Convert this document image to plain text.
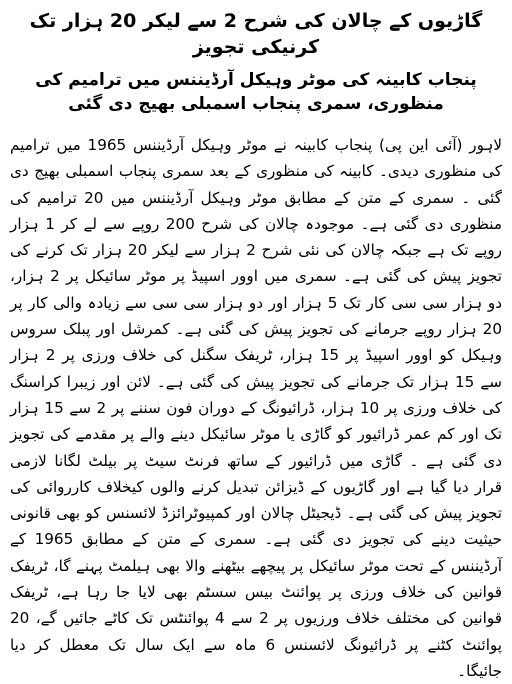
گاڑیوں کے چالان کی شرح 2 سے لیکر 20 ہزار تک کرنیکی تجویز
پنجاب کابینہ کی موٹر وہیکل آرڈیننس میں ترامیم کی منظوری، سمری پنجاب اسمبلی بھیج دی گئی

لاہور (آئی این پی) پنجاب کابینہ نے موٹر وہیکل آرڈیننس 1965 میں ترامیم کی منظوری دیدی۔ کابینہ کی منظوری کے بعد سمری پنجاب اسمبلی بھیج دی گئی ۔ سمری کے متن کے مطابق موٹر وہیکل آرڈیننس میں 20 ترامیم کی منظوری دی گئی ہے۔ موجودہ چالان کی شرح 200 روپے سے لے کر 1 ہزار روپے تک ہے جبکہ چالان کی نئی شرح 2 ہزار سے لیکر 20 ہزار تک کرنے کی تجویز پیش کی گئی ہے۔ سمری میں اوور اسپیڈ پر موٹر سائیکل پر 2 ہزار، دو ہزار سی سی کار تک 5 ہزار اور دو ہزار سی سی سے زیادہ والی کار پر 20 ہزار روپے جرمانے کی تجویز پیش کی گئی ہے۔ کمرشل اور پبلک سروس وہیکل کو اوور اسپیڈ پر 15 ہزار، ٹریفک سگنل کی خلاف ورزی پر 2 ہزار سے 15 ہزار تک جرمانے کی تجویز پیش کی گئی ہے۔ لائن اور زیبرا کراسنگ کی خلاف ورزی پر 10 ہزار، ڈرائیونگ کے دوران فون سننے پر 2 سے 15 ہزار تک اور کم عمر ڈرائیور کو گاڑی یا موٹر سائیکل دینے والے پر مقدمے کی تجویز دی گئی ہے ۔ گاڑی میں ڈرائیور کے ساتھ فرنٹ سیٹ پر بیلٹ لگانا لازمی قرار دیا گیا ہے اور گاڑیوں کے ڈیزائن تبدیل کرنے والوں کیخلاف کارروائی کی تجویز پیش کی گئی ہے۔ ڈیجیٹل چالان اور کمپیوٹرائزڈ لائسنس کو بھی قانونی حیثیت دینے کی تجویز دی گئی ہے۔ سمری کے متن کے مطابق 1965 کے آرڈیننس کے تحت موٹر سائیکل پر پیچھے بیٹھنے والا بھی ہیلمٹ پہنے گا، ٹریفک قوانین کی خلاف ورزی پر پوائنٹ بیس سسٹم بھی لایا جا رہا ہے، ٹریفک قوانین کی مختلف خلاف ورزیوں پر 2 سے 4 پوائنٹس تک کاٹے جائیں گے، 20 پوائنٹ کٹنے پر ڈرائیونگ لائسنس 6 ماہ سے ایک سال تک معطل کر دیا جائیگا۔
